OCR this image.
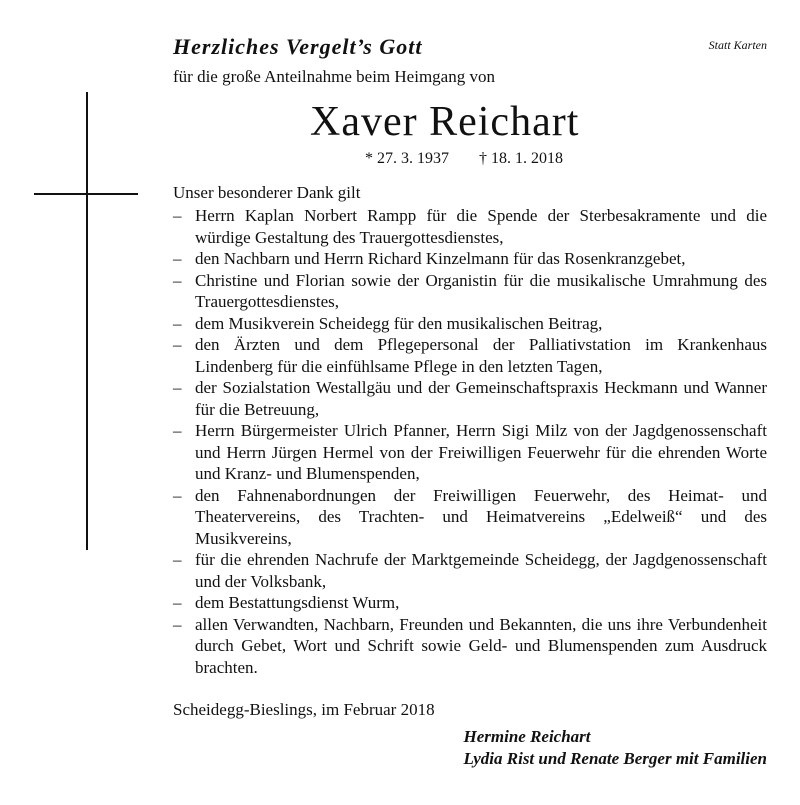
Herzliches Vergelt’s Gott	Statt Karten
für die große Anteilnahme beim Heimgang von
Xaver Reichart
* 27. 3. 1937 † 18. 1. 2018
Unser besonderer Dank gilt
– Herrn Kaplan Norbert Rampp für die Spende der Sterbesakramente und die würdige Gestaltung des Trauergottesdienstes,
– den Nachbarn und Herrn Richard Kinzelmann für das Rosenkranzgebet,
– Christine und Florian sowie der Organistin für die musikalische Umrahmung des Trauergottesdienstes,
– dem Musikverein Scheidegg für den musikalischen Beitrag,
– den Ärzten und dem Pflegepersonal der Palliativstation im Krankenhaus Lindenberg für die einfühlsame Pflege in den letzten Tagen,
– der Sozialstation Westallgäu und der Gemeinschaftspraxis Heckmann und Wanner für die Betreuung,
– Herrn Bürgermeister Ulrich Pfanner, Herrn Sigi Milz von der Jagdgenossenschaft und Herrn Jürgen Hermel von der Freiwilligen Feuerwehr für die ehrenden Worte und Kranz- und Blumenspenden,
– den Fahnenabordnungen der Freiwilligen Feuerwehr, des Heimat- und Theatervereins, des Trachten- und Heimatvereins „Edelweiß“ und des Musikvereins,
– für die ehrenden Nachrufe der Marktgemeinde Scheidegg, der Jagdgenossenschaft und der Volksbank,
– dem Bestattungsdienst Wurm,
– allen Verwandten, Nachbarn, Freunden und Bekannten, die uns ihre Verbundenheit durch Gebet, Wort und Schrift sowie Geld- und Blumenspenden zum Ausdruck brachten.
Scheidegg-Bieslings, im Februar 2018
Hermine Reichart
Lydia Rist und Renate Berger mit Familien
